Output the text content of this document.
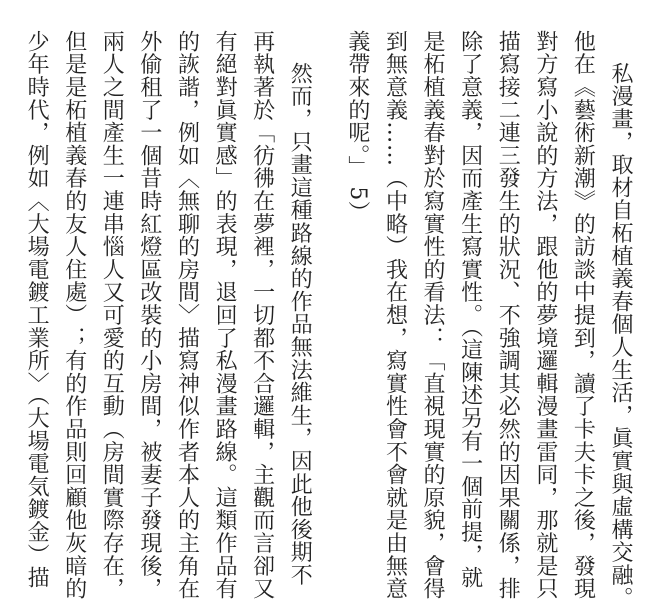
私漫畫，取材自柘植義春個人生活，眞實與虛構交融。
他在《藝術新潮》的訪談中提到，讀了卡夫卡之後，發現
對方寫小說的方法，跟他的夢境邏輯漫畫雷同，那就是只
描寫接二連三發生的狀況、不強調其必然的因果關係，排
除了意義，因而產生寫實性。（這陳述另有一個前提，就
是柘植義春對於寫實性的看法：「直視現實的原貌，會得
到無意義……（中略）我在想，寫實性會不會就是由無意
義帶來的呢。」 5）
然而，只畫這種路線的作品無法維生，因此他後期不
再執著於「彷彿在夢裡，一切都不合邏輯，主觀而言卻又
有絕對眞實感」的表現，退回了私漫畫路線。這類作品有
的詼諧，例如〈無聊的房間〉描寫神似作者本人的主角在
外偷租了一個昔時紅燈區改裝的小房間，被妻子發現後，
兩人之間產生一連串惱人又可愛的互動（房間實際存在，
但是是柘植義春的友人住處）；有的作品則回顧他灰暗的
少年時代，例如〈大場電鍍工業所〉（大場電気鍍金）描
